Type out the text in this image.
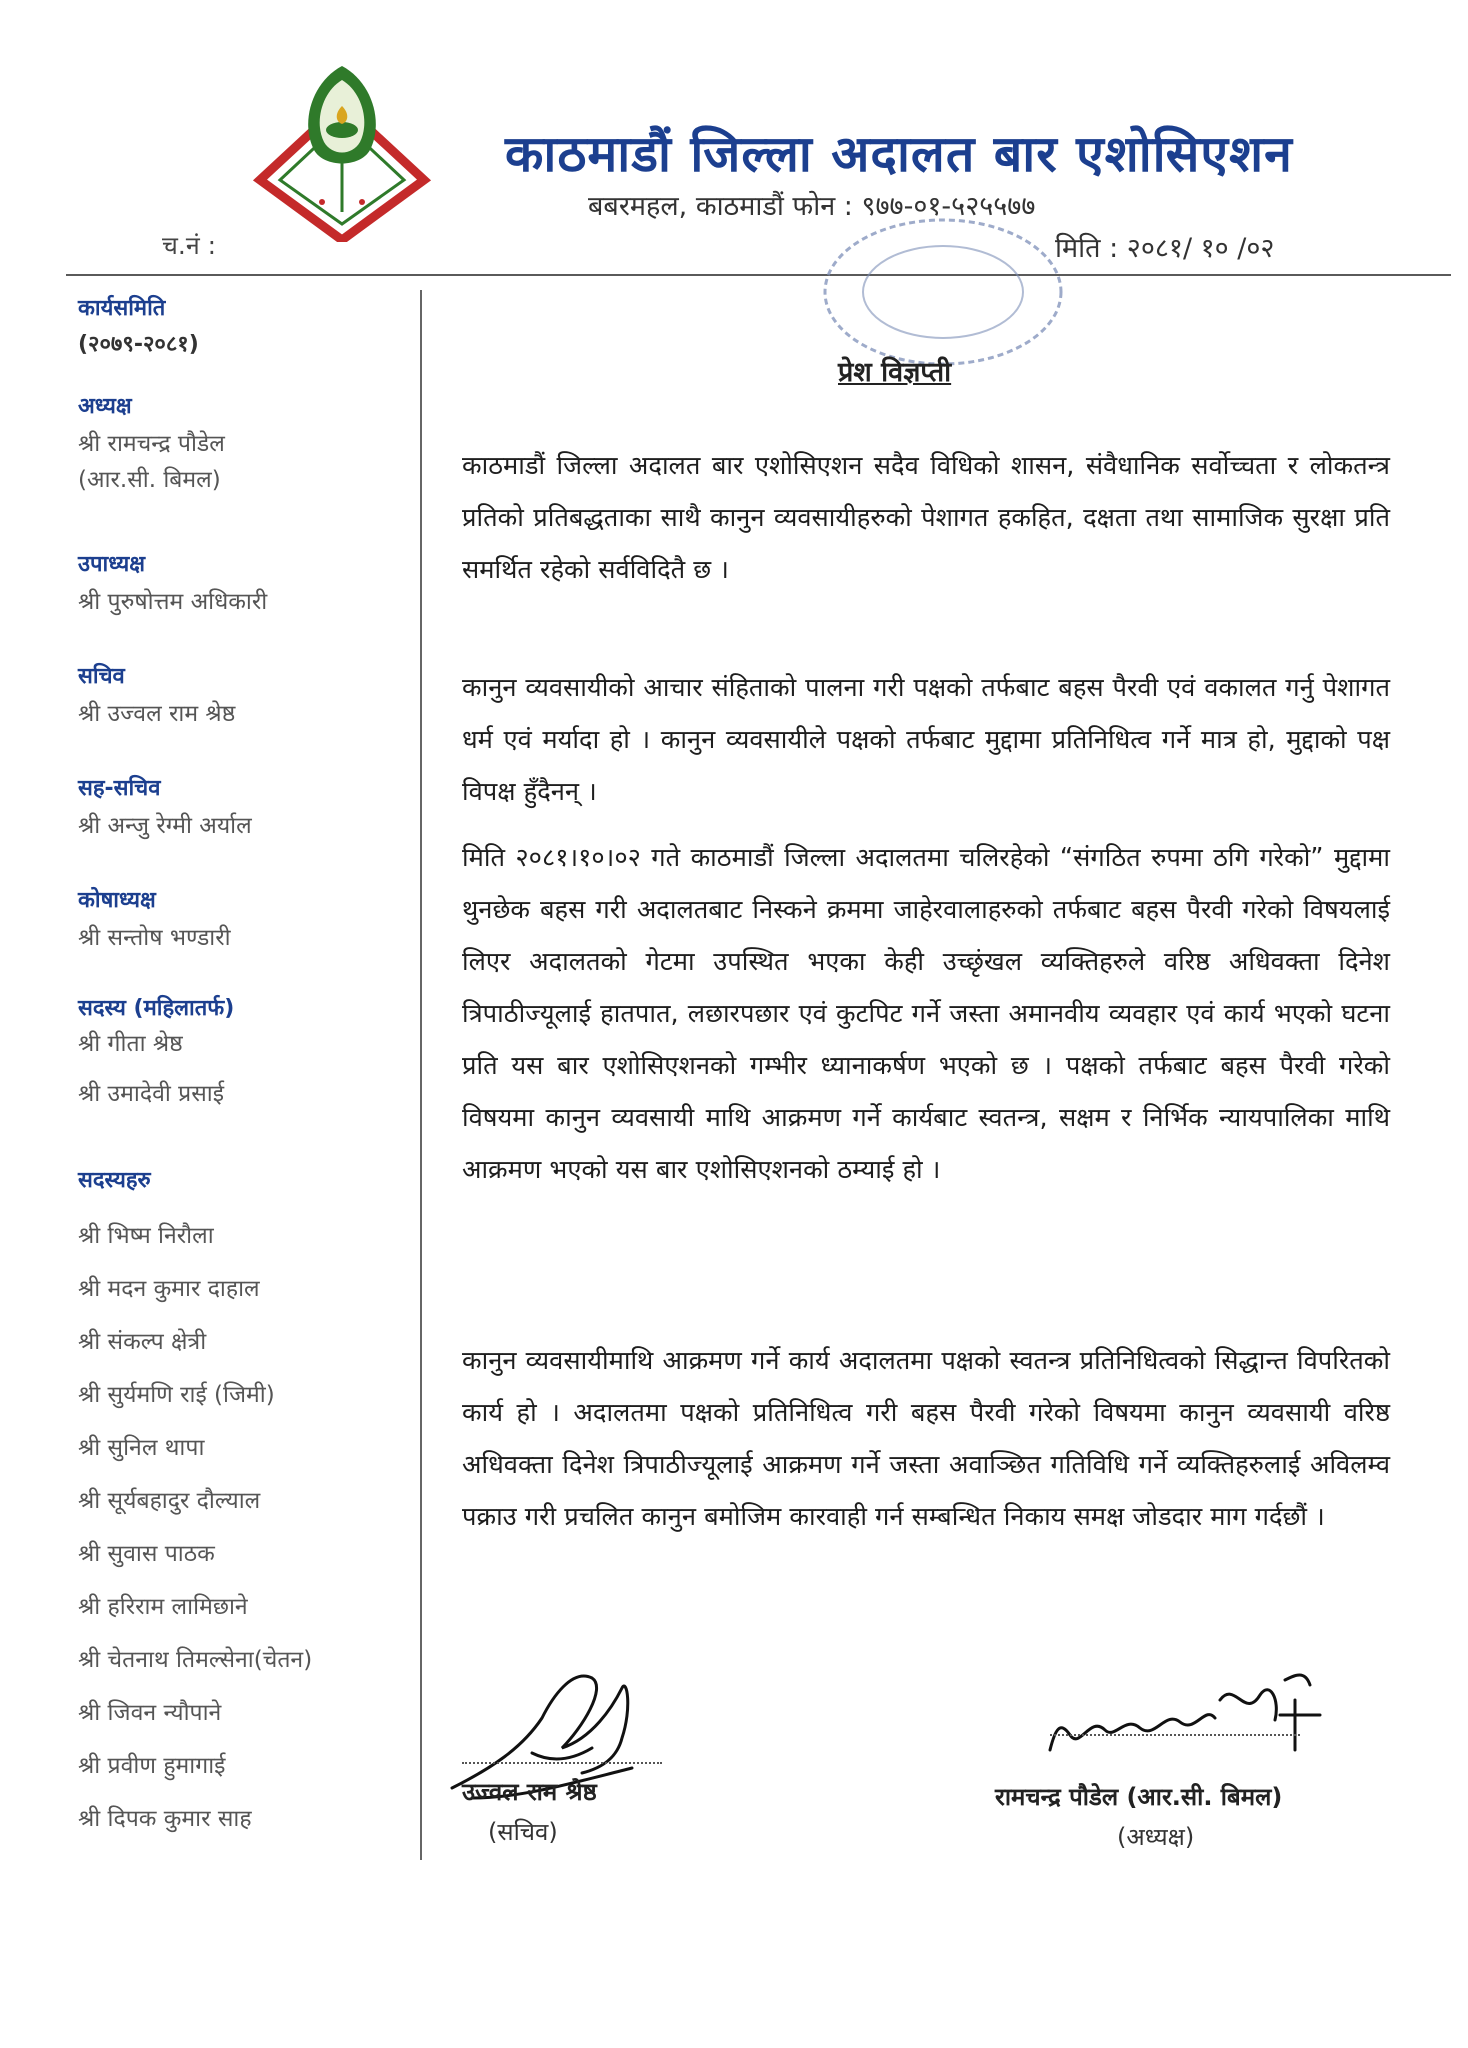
काठमाडौं जिल्ला अदालत बार एशोसिएशन
बबरमहल, काठमाडौं फोन : ९७७-०१-५२५५७७
च.नं :	मिति : २०८१/ १० /०२
कार्यसमिति
(२०७९-२०८१)
अध्यक्ष
श्री रामचन्द्र पौडेल
(आर.सी. बिमल)
उपाध्यक्ष
श्री पुरुषोत्तम अधिकारी
सचिव
श्री उज्वल राम श्रेष्ठ
सह-सचिव
श्री अन्जु रेग्मी अर्याल
कोषाध्यक्ष
श्री सन्तोष भण्डारी
सदस्य (महिलातर्फ)
श्री गीता श्रेष्ठ
श्री उमादेवी प्रसाई
सदस्यहरु
श्री भिष्म निरौला
श्री मदन कुमार दाहाल
श्री संकल्प क्षेत्री
श्री सुर्यमणि राई (जिमी)
श्री सुनिल थापा
श्री सूर्यबहादुर दौल्याल
श्री सुवास पाठक
श्री हरिराम लामिछाने
श्री चेतनाथ तिमल्सेना(चेतन)
श्री जिवन न्यौपाने
श्री प्रवीण हुमागाई
श्री दिपक कुमार साह
प्रेश विज्ञप्ती

काठमाडौं जिल्ला अदालत बार एशोसिएशन सदैव विधिको शासन, संवैधानिक सर्वोच्चता र लोकतन्त्र प्रतिको प्रतिबद्धताका साथै कानुन व्यवसायीहरुको पेशागत हकहित, दक्षता तथा सामाजिक सुरक्षा प्रति समर्थित रहेको सर्वविदितै छ ।

कानुन व्यवसायीको आचार संहिताको पालना गरी पक्षको तर्फबाट बहस पैरवी एवं वकालत गर्नु पेशागत धर्म एवं मर्यादा हो । कानुन व्यवसायीले पक्षको तर्फबाट मुद्दामा प्रतिनिधित्व गर्ने मात्र हो, मुद्दाको पक्ष विपक्ष हुँदैनन् ।

मिति २०८१।१०।०२ गते काठमाडौं जिल्ला अदालतमा चलिरहेको “संगठित रुपमा ठगि गरेको” मुद्दामा थुनछेक बहस गरी अदालतबाट निस्कने क्रममा जाहेरवालाहरुको तर्फबाट बहस पैरवी गरेको विषयलाई लिएर अदालतको गेटमा उपस्थित भएका केही उच्छृंखल व्यक्तिहरुले वरिष्ठ अधिवक्ता दिनेश त्रिपाठीज्यूलाई हातपात, लछारपछार एवं कुटपिट गर्ने जस्ता अमानवीय व्यवहार एवं कार्य भएको घटना प्रति यस बार एशोसिएशनको गम्भीर ध्यानाकर्षण भएको छ । पक्षको तर्फबाट बहस पैरवी गरेको विषयमा कानुन व्यवसायी माथि आक्रमण गर्ने कार्यबाट स्वतन्त्र, सक्षम र निर्भिक न्यायपालिका माथि आक्रमण भएको यस बार एशोसिएशनको ठम्याई हो ।

कानुन व्यवसायीमाथि आक्रमण गर्ने कार्य अदालतमा पक्षको स्वतन्त्र प्रतिनिधित्वको सिद्धान्त विपरितको कार्य हो । अदालतमा पक्षको प्रतिनिधित्व गरी बहस पैरवी गरेको विषयमा कानुन व्यवसायी वरिष्ठ अधिवक्ता दिनेश त्रिपाठीज्यूलाई आक्रमण गर्ने जस्ता अवाञ्छित गतिविधि गर्ने व्यक्तिहरुलाई अविलम्व पक्राउ गरी प्रचलित कानुन बमोजिम कारवाही गर्न सम्बन्धित निकाय समक्ष जोडदार माग गर्दछौं ।

उज्वल राम श्रेष्ठ
(सचिव)
रामचन्द्र पौडेल (आर.सी. बिमल)
(अध्यक्ष)
